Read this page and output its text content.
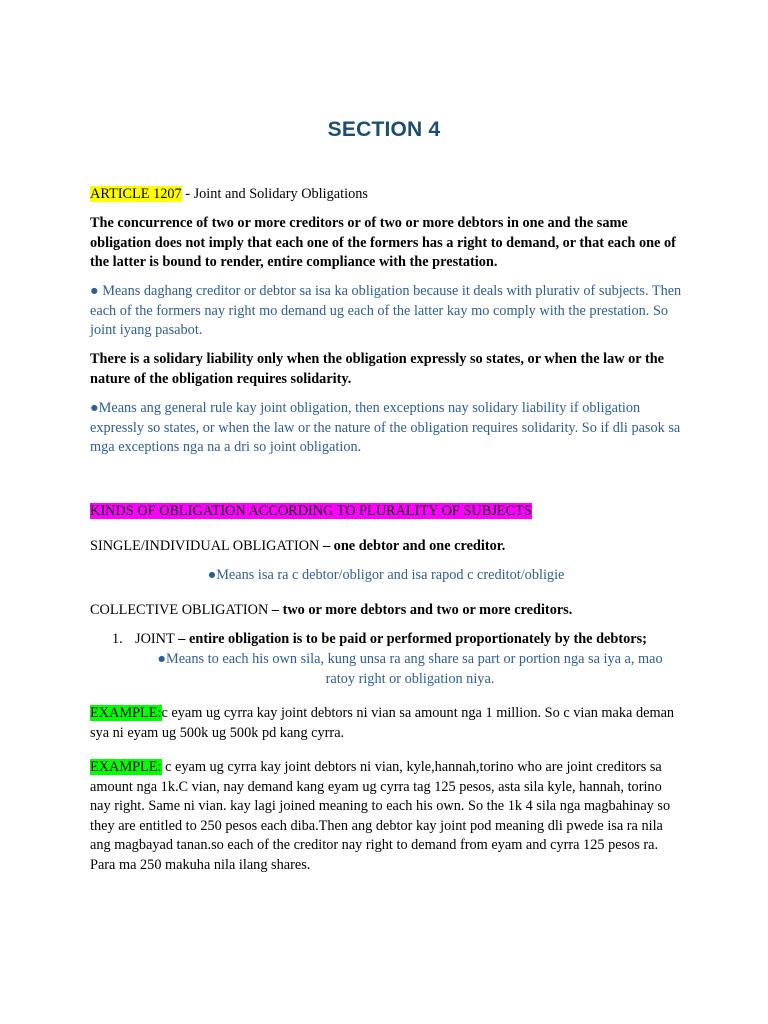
SECTION 4
ARTICLE 1207 - Joint and Solidary Obligations
The concurrence of two or more creditors or of two or more debtors in one and the same obligation does not imply that each one of the formers has a right to demand, or that each one of the latter is bound to render, entire compliance with the prestation.
● Means daghang creditor or debtor sa isa ka obligation because it deals with plurativ of subjects. Then each of the formers nay right mo demand ug each of the latter kay mo comply with the prestation. So joint iyang pasabot.
There is a solidary liability only when the obligation expressly so states, or when the law or the nature of the obligation requires solidarity.
●Means ang general rule kay joint obligation, then exceptions nay solidary liability if obligation expressly so states, or when the law or the nature of the obligation requires solidarity. So if dli pasok sa mga exceptions nga na a dri so joint obligation.
KINDS OF OBLIGATION ACCORDING TO PLURALITY OF SUBJECTS
SINGLE/INDIVIDUAL OBLIGATION – one debtor and one creditor.
●Means isa ra c debtor/obligor and isa rapod c creditot/obligie
COLLECTIVE OBLIGATION – two or more debtors and two or more creditors.
1. JOINT – entire obligation is to be paid or performed proportionately by the debtors;
●Means to each his own sila, kung unsa ra ang share sa part or portion nga sa iya a, mao
ratoy right or obligation niya.
EXAMPLE:c eyam ug cyrra kay joint debtors ni vian sa amount nga 1 million. So c vian maka deman sya ni eyam ug 500k ug 500k pd kang cyrra.
EXAMPLE: c eyam ug cyrra kay joint debtors ni vian, kyle,hannah,torino who are joint creditors sa amount nga 1k.C vian, nay demand kang eyam ug cyrra tag 125 pesos, asta sila kyle, hannah, torino nay right. Same ni vian. kay lagi joined meaning to each his own. So the 1k 4 sila nga magbahinay so they are entitled to 250 pesos each diba.Then ang debtor kay joint pod meaning dli pwede isa ra nila ang magbayad tanan.so each of the creditor nay right to demand from eyam and cyrra 125 pesos ra. Para ma 250 makuha nila ilang shares.
